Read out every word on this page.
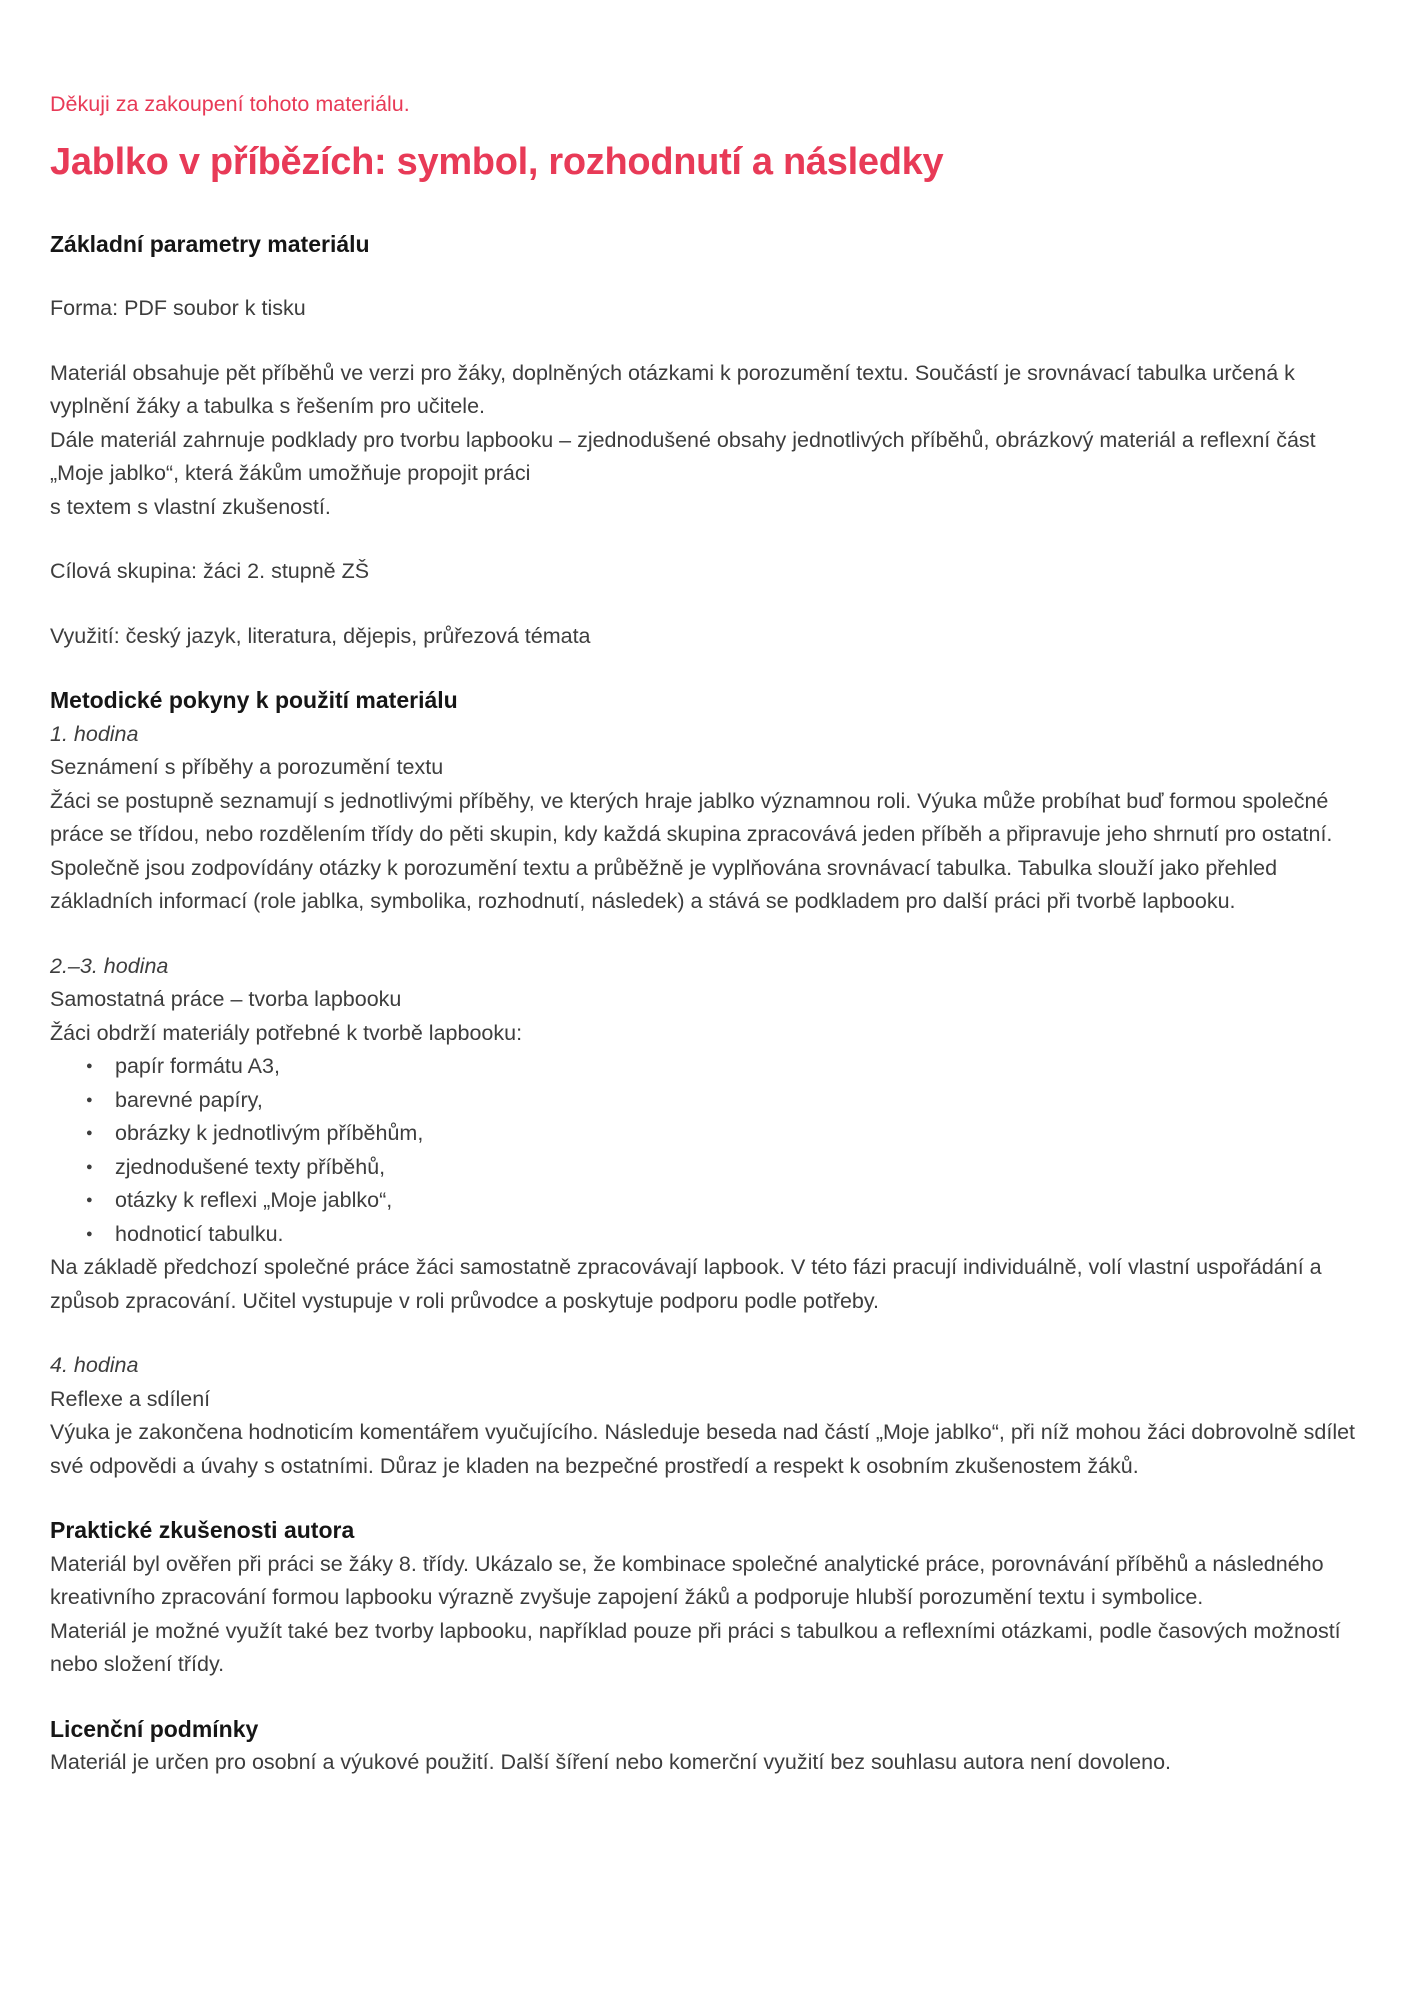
Děkuji za zakoupení tohoto materiálu.

Jablko v příbězích: symbol, rozhodnutí a následky
Základní parametry materiálu

Forma: PDF soubor k tisku

Materiál obsahuje pět příběhů ve verzi pro žáky, doplněných otázkami k porozumění textu. Součástí je srovnávací tabulka určená k vyplnění žáky a tabulka s řešením pro učitele.

Dále materiál zahrnuje podklady pro tvorbu lapbooku – zjednodušené obsahy jednotlivých příběhů, obrázkový materiál a reflexní část „Moje jablko“, která žákům umožňuje propojit práci

s textem s vlastní zkušeností.

Cílová skupina: žáci 2. stupně ZŠ

Využití: český jazyk, literatura, dějepis, průřezová témata

Metodické pokyny k použití materiálu

1. hodina

Seznámení s příběhy a porozumění textu

Žáci se postupně seznamují s jednotlivými příběhy, ve kterých hraje jablko významnou roli. Výuka může probíhat buď formou společné práce se třídou, nebo rozdělením třídy do pěti skupin, kdy každá skupina zpracovává jeden příběh a připravuje jeho shrnutí pro ostatní.

Společně jsou zodpovídány otázky k porozumění textu a průběžně je vyplňována srovnávací tabulka. Tabulka slouží jako přehled základních informací (role jablka, symbolika, rozhodnutí, následek) a stává se podkladem pro další práci při tvorbě lapbooku.

2.–3. hodina

Samostatná práce – tvorba lapbooku

Žáci obdrží materiály potřebné k tvorbě lapbooku:

● papír formátu A3,
● barevné papíry,
● obrázky k jednotlivým příběhům,
● zjednodušené texty příběhů,
● otázky k reflexi „Moje jablko“,
● hodnoticí tabulku.

Na základě předchozí společné práce žáci samostatně zpracovávají lapbook. V této fázi pracují individuálně, volí vlastní uspořádání a způsob zpracování. Učitel vystupuje v roli průvodce a poskytuje podporu podle potřeby.

4. hodina

Reflexe a sdílení

Výuka je zakončena hodnoticím komentářem vyučujícího. Následuje beseda nad částí „Moje jablko“, při níž mohou žáci dobrovolně sdílet své odpovědi a úvahy s ostatními. Důraz je kladen na bezpečné prostředí a respekt k osobním zkušenostem žáků.

Praktické zkušenosti autora

Materiál byl ověřen při práci se žáky 8. třídy. Ukázalo se, že kombinace společné analytické práce, porovnávání příběhů a následného kreativního zpracování formou lapbooku výrazně zvyšuje zapojení žáků a podporuje hlubší porozumění textu i symbolice.

Materiál je možné využít také bez tvorby lapbooku, například pouze při práci s tabulkou a reflexními otázkami, podle časových možností nebo složení třídy.

Licenční podmínky

Materiál je určen pro osobní a výukové použití. Další šíření nebo komerční využití bez souhlasu autora není dovoleno.
